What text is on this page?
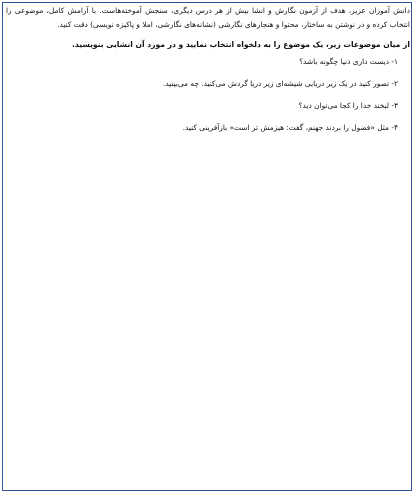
دانش آموزان عزیز، هدف از آزمون نگارش و انشا بیش از هر درس دیگری، سنجش آموخته‌هاست. با آرامش کامل، موضوعی را انتخاب کرده و در نوشتن به ساختار، محتوا و هنجارهای نگارشی (نشانه‌های نگارشی، املا و پاکیزه نویسی) دقت کنید.

از میان موضوعات زیر، یک موضوع را به دلخواه انتخاب نمایید و در مورد آن انشایی بنویسید.

۱- دیست داری دنیا چگونه باشد؟
۲- تصور کنید در یک زیر دریایی شیشه‌ای زیر دریا گردش می‌کنید. چه می‌بینید.
۳- لبخند خدا را کجا می‌توان دید؟
۴- مثل «فضول را بردند جهنم، گفت: هیزمش تر است» بازآفرینی کنید.
